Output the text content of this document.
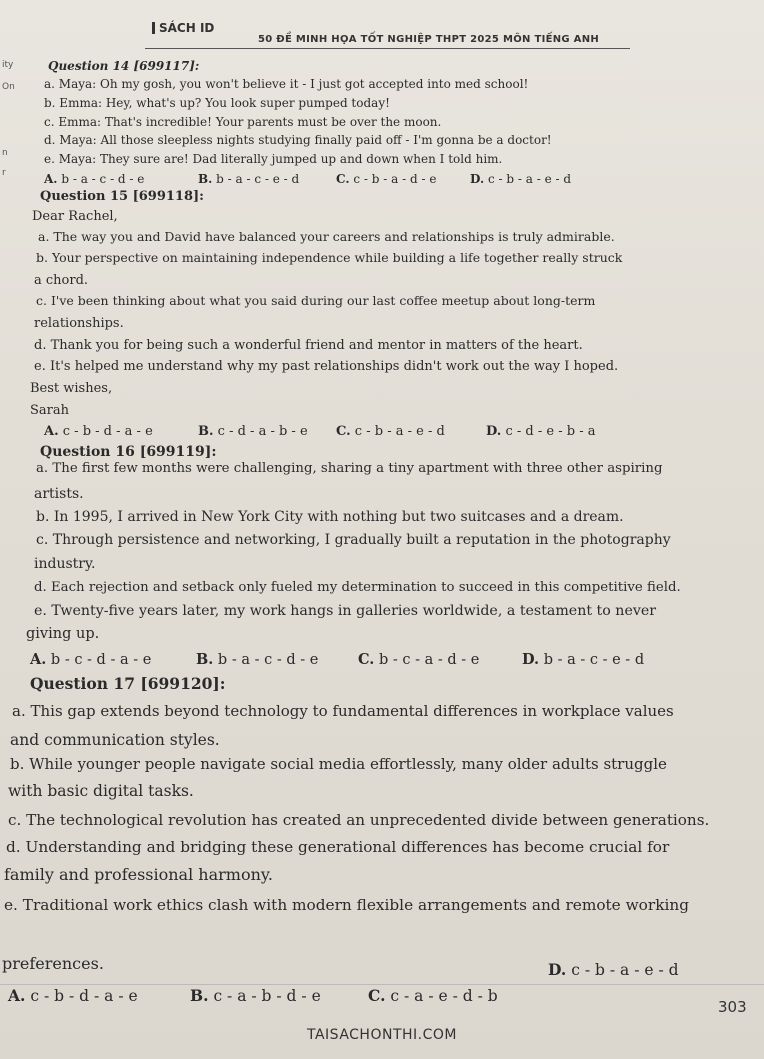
SÁCH ID
50 ĐỀ MINH HỌA TỐT NGHIỆP THPT 2025 MÔN TIẾNG ANH
ity
On
n
r
Question 14 [699117]:
a. Maya: Oh my gosh, you won't believe it - I just got accepted into med school!
b. Emma: Hey, what's up? You look super pumped today!
c. Emma: That's incredible! Your parents must be over the moon.
d. Maya: All those sleepless nights studying finally paid off - I'm gonna be a doctor!
e. Maya: They sure are! Dad literally jumped up and down when I told him.
A. b - a - c - d - e	B. b - a - c - e - d	C. c - b - a - d - e	D. c - b - a - e - d
Question 15 [699118]:
Dear Rachel,
a. The way you and David have balanced your careers and relationships is truly admirable.
b. Your perspective on maintaining independence while building a life together really struck
a chord.
c. I've been thinking about what you said during our last coffee meetup about long-term
relationships.
d. Thank you for being such a wonderful friend and mentor in matters of the heart.
e. It's helped me understand why my past relationships didn't work out the way I hoped.
Best wishes,
Sarah
A. c - b - d - a - e	B. c - d - a - b - e C. c - b - a - e - d	D. c - d - e - b - a
Question 16 [699119]:
a. The first few months were challenging, sharing a tiny apartment with three other aspiring
artists.
b. In 1995, I arrived in New York City with nothing but two suitcases and a dream.
c. Through persistence and networking, I gradually built a reputation in the photography
industry.
d. Each rejection and setback only fueled my determination to succeed in this competitive field.
e. Twenty-five years later, my work hangs in galleries worldwide, a testament to never
giving up.
A. b - c - d - a - e	B. b - a - c - d - e	C. b - c - a - d - e	D. b - a - c - e - d
Question 17 [699120]:
a. This gap extends beyond technology to fundamental differences in workplace values
and communication styles.
b. While younger people navigate social media effortlessly, many older adults struggle
with basic digital tasks.
c. The technological revolution has created an unprecedented divide between generations.
d. Understanding and bridging these generational differences has become crucial for
family and professional harmony.
e. Traditional work ethics clash with modern flexible arrangements and remote working
preferences.
A. c - b - d - a - e	B. c - a - b - d - e	C. c - a - e - d - b
D. c - b - a - e - d
303
TAISACHONTHI.COM
